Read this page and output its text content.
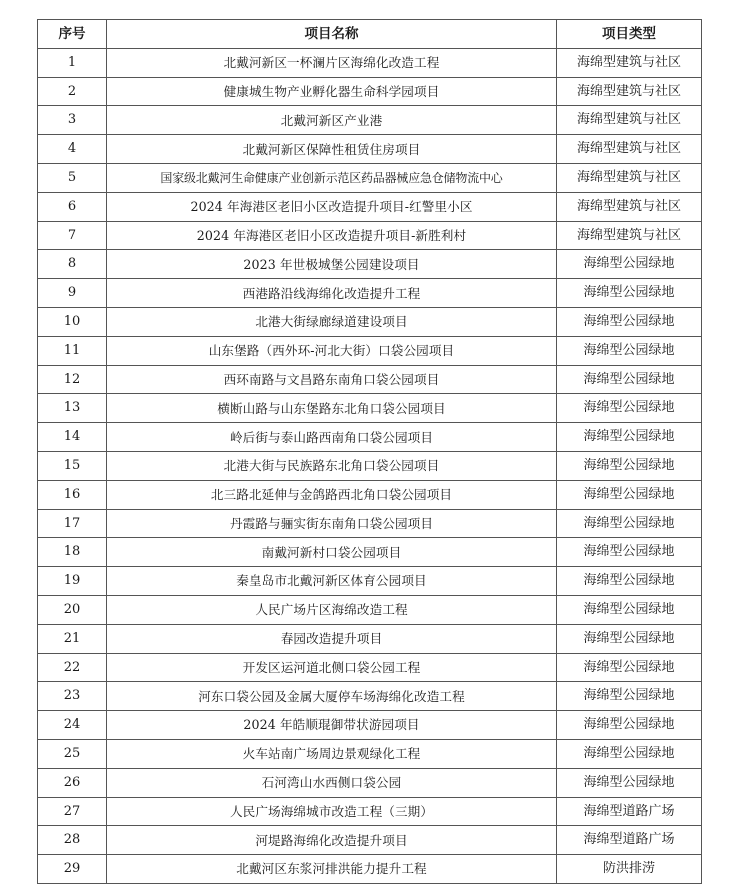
序号	项目名称	项目类型
1	北戴河新区一杯澜片区海绵化改造工程	海绵型建筑与社区
2	健康城生物产业孵化器生命科学园项目	海绵型建筑与社区
3	北戴河新区产业港	海绵型建筑与社区
4	北戴河新区保障性租赁住房项目	海绵型建筑与社区
5	国家级北戴河生命健康产业创新示范区药品器械应急仓储物流中心	海绵型建筑与社区
6	2024 年海港区老旧小区改造提升项目-红警里小区	海绵型建筑与社区
7	2024 年海港区老旧小区改造提升项目-新胜利村	海绵型建筑与社区
8	2023 年世极城堡公园建设项目	海绵型公园绿地
9	西港路沿线海绵化改造提升工程	海绵型公园绿地
10	北港大街绿廊绿道建设项目	海绵型公园绿地
11	山东堡路（西外环-河北大街）口袋公园项目	海绵型公园绿地
12	西环南路与文昌路东南角口袋公园项目	海绵型公园绿地
13	横断山路与山东堡路东北角口袋公园项目	海绵型公园绿地
14	岭后街与泰山路西南角口袋公园项目	海绵型公园绿地
15	北港大街与民族路东北角口袋公园项目	海绵型公园绿地
16	北三路北延伸与金鸽路西北角口袋公园项目	海绵型公园绿地
17	丹霞路与骊实街东南角口袋公园项目	海绵型公园绿地
18	南戴河新村口袋公园项目	海绵型公园绿地
19	秦皇岛市北戴河新区体育公园项目	海绵型公园绿地
20	人民广场片区海绵改造工程	海绵型公园绿地
21	春园改造提升项目	海绵型公园绿地
22	开发区运河道北侧口袋公园工程	海绵型公园绿地
23	河东口袋公园及金属大厦停车场海绵化改造工程	海绵型公园绿地
24	2024 年皓顺琨御带状游园项目	海绵型公园绿地
25	火车站南广场周边景观绿化工程	海绵型公园绿地
26	石河湾山水西侧口袋公园	海绵型公园绿地
27	人民广场海绵城市改造工程（三期）	海绵型道路广场
28	河堤路海绵化改造提升项目	海绵型道路广场
29	北戴河区东浆河排洪能力提升工程	防洪排涝
